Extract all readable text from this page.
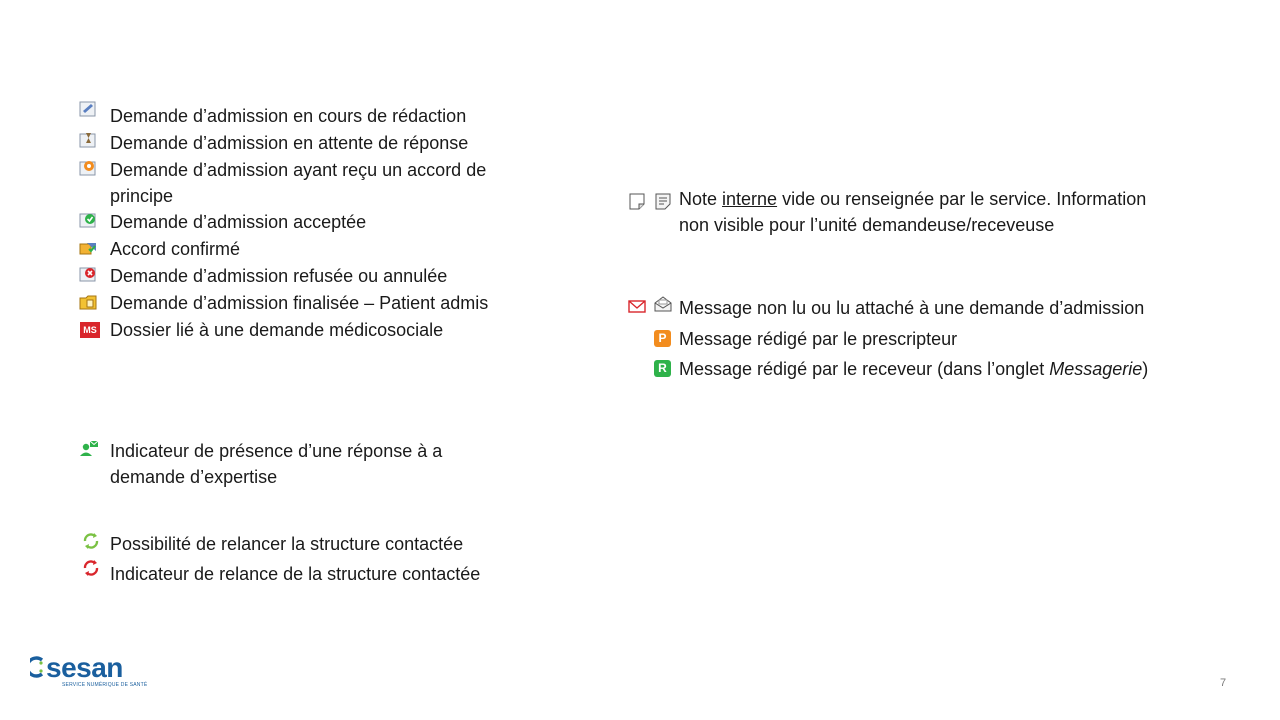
Demande d’admission en cours de rédaction
Demande d’admission en attente de réponse
Demande d’admission ayant reçu un accord de
principe
Demande d’admission acceptée
Accord confirmé
Demande d’admission refusée ou annulée
Demande d’admission finalisée – Patient admis
MS Dossier lié à une demande médicosociale
Indicateur de présence d’une réponse à a
demande d’expertise
Possibilité de relancer la structure contactée
Indicateur de relance de la structure contactée
Note interne vide ou renseignée par le service. Information
non visible pour l’unité demandeuse/receveuse
Message non lu ou lu attaché à une demande d’admission
P Message rédigé par le prescripteur
R Message rédigé par le receveur (dans l’onglet Messagerie)
sesan
SERVICE NUMÉRIQUE DE SANTÉ	7
